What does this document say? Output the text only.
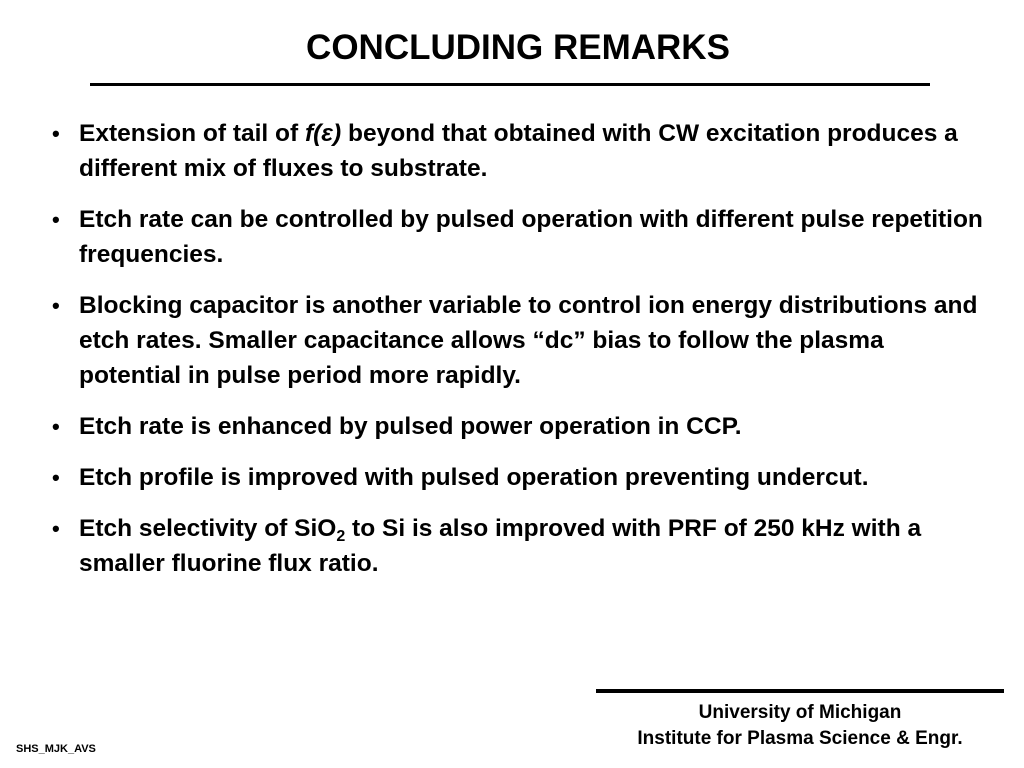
CONCLUDING REMARKS
• Extension of tail of f(ε) beyond that obtained with CW excitation produces a different mix of fluxes to substrate.
• Etch rate can be controlled by pulsed operation with different pulse repetition frequencies.
• Blocking capacitor is another variable to control ion energy distributions and etch rates. Smaller capacitance allows “dc” bias to follow the plasma potential in pulse period more rapidly.
• Etch rate is enhanced by pulsed power operation in CCP.
• Etch profile is improved with pulsed operation preventing undercut.
• Etch selectivity of SiO$_2$ to Si is also improved with PRF of 250 kHz with a smaller fluorine flux ratio.
University of Michigan
Institute for Plasma Science & Engr.
SHS_MJK_AVS
